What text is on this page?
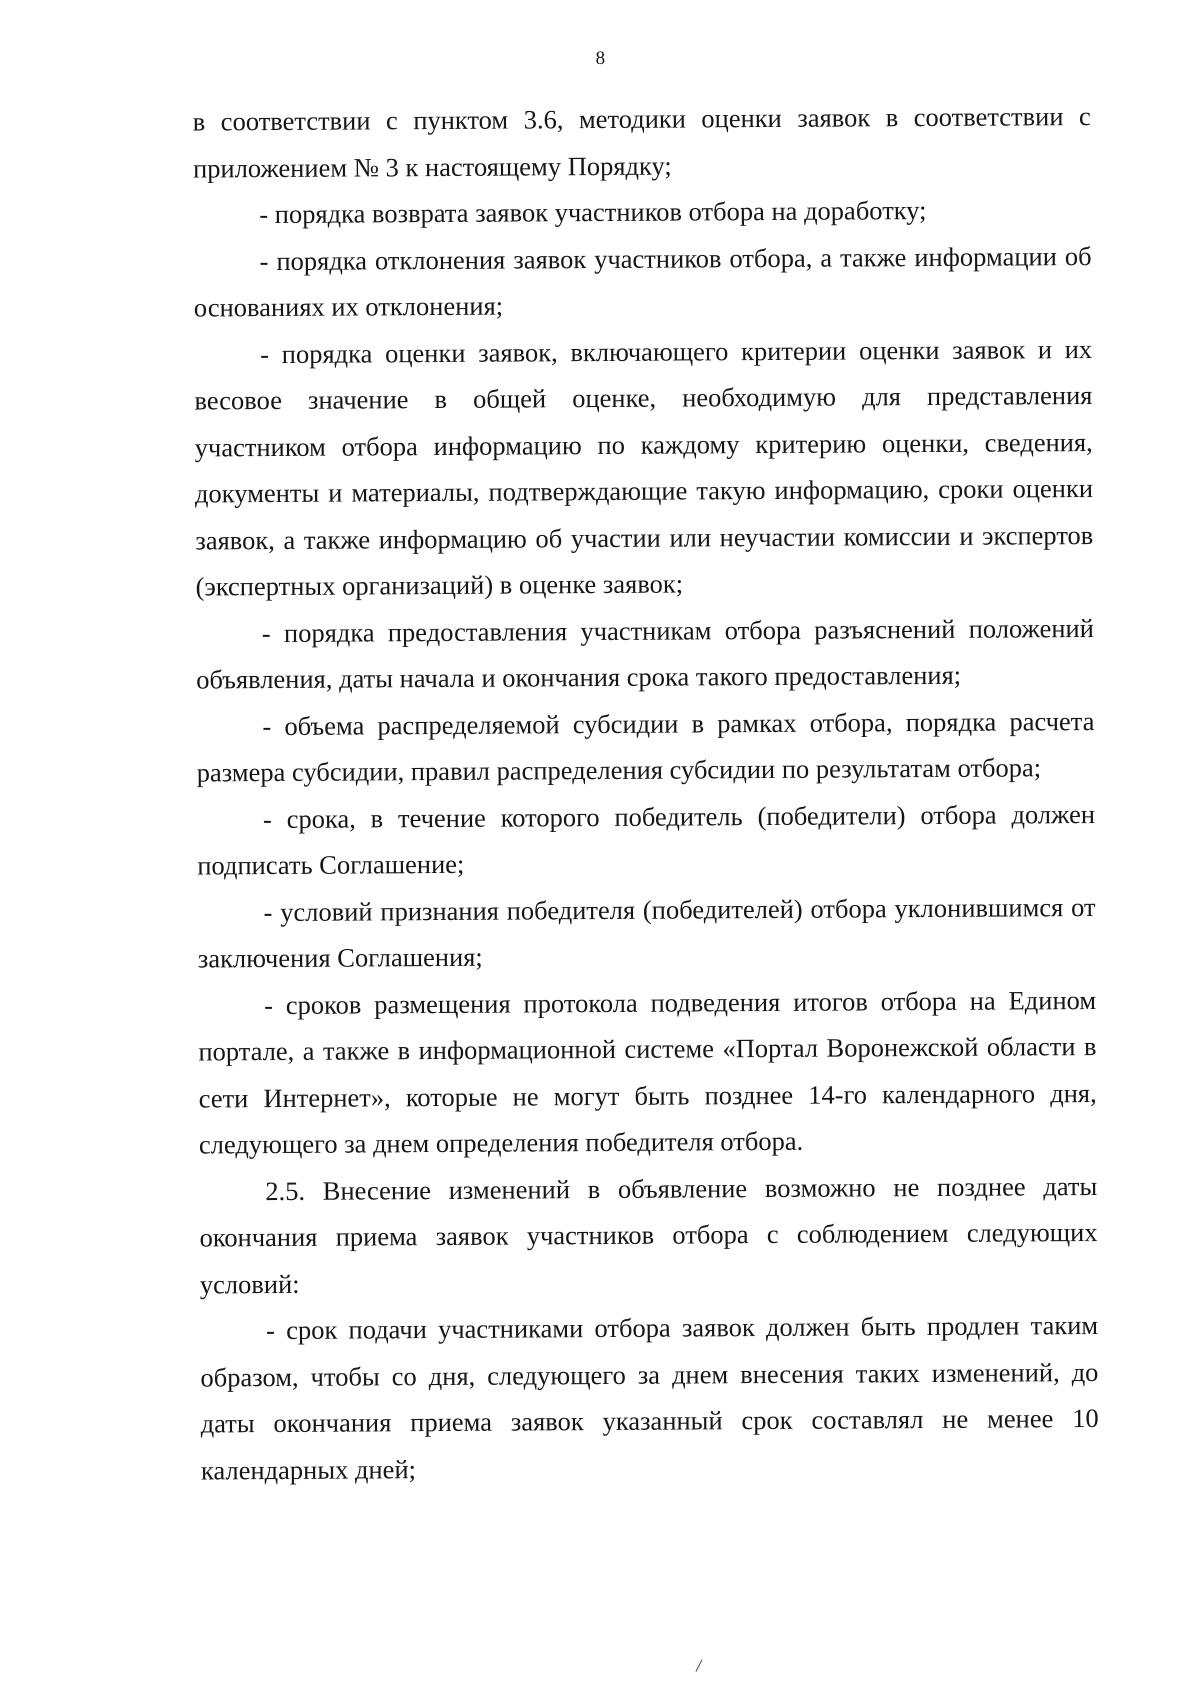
8

в соответствии с пунктом 3.6, методики оценки заявок в соответствии с приложением № 3 к настоящему Порядку;

- порядка возврата заявок участников отбора на доработку;

- порядка отклонения заявок участников отбора, а также информации об основаниях их отклонения;

- порядка оценки заявок, включающего критерии оценки заявок и их весовое значение в общей оценке, необходимую для представления участником отбора информацию по каждому критерию оценки, сведения, документы и материалы, подтверждающие такую информацию, сроки оценки заявок, а также информацию об участии или неучастии комиссии и экспертов (экспертных организаций) в оценке заявок;

- порядка предоставления участникам отбора разъяснений положений объявления, даты начала и окончания срока такого предоставления;

- объема распределяемой субсидии в рамках отбора, порядка расчета размера субсидии, правил распределения субсидии по результатам отбора;

- срока, в течение которого победитель (победители) отбора должен подписать Соглашение;

- условий признания победителя (победителей) отбора уклонившимся от заключения Соглашения;

- сроков размещения протокола подведения итогов отбора на Едином портале, а также в информационной системе «Портал Воронежской области в сети Интернет», которые не могут быть позднее 14-го календарного дня, следующего за днем определения победителя отбора.

2.5. Внесение изменений в объявление возможно не позднее даты окончания приема заявок участников отбора с соблюдением следующих условий:

- срок подачи участниками отбора заявок должен быть продлен таким образом, чтобы со дня, следующего за днем внесения таких изменений, до даты окончания приема заявок указанный срок составлял не менее 10 календарных дней;

/
